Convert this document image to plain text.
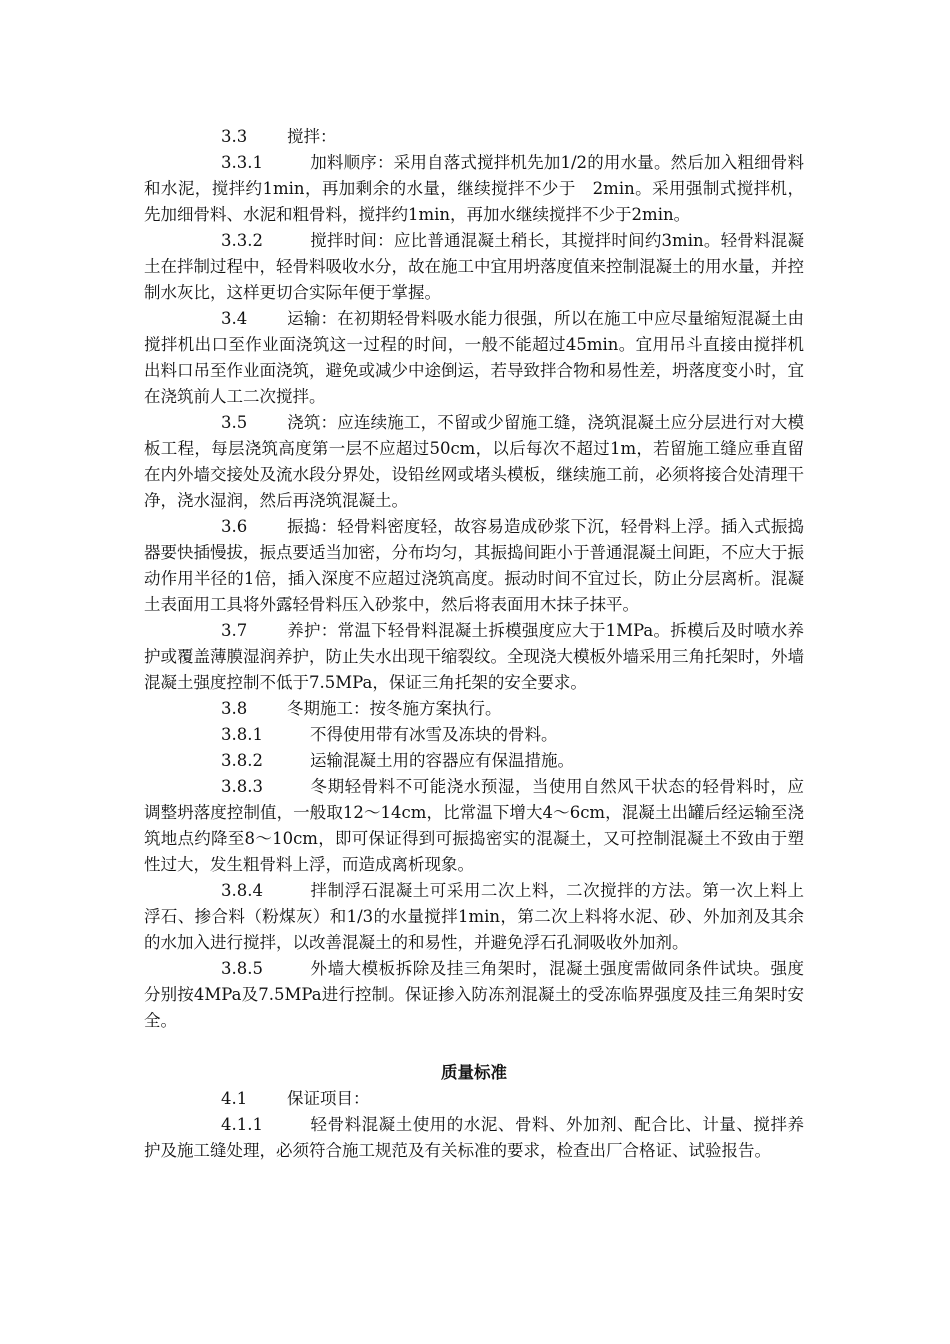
3.3 搅拌：

3.3.1	加料顺序：采用自落式搅拌机先加1/2的用水量。然后加入粗细骨料和水泥，搅拌约1min，再加剩余的水量，继续搅拌不少于　2min。采用强制式搅拌机，先加细骨料、水泥和粗骨料，搅拌约1min，再加水继续搅拌不少于2min。

3.3.2	搅拌时间：应比普通混凝土稍长，其搅拌时间约3min。轻骨料混凝土在拌制过程中，轻骨料吸收水分，故在施工中宜用坍落度值来控制混凝土的用水量，并控制水灰比，这样更切合实际年便于掌握。

3.4 运输：在初期轻骨料吸水能力很强，所以在施工中应尽量缩短混凝土由搅拌机出口至作业面浇筑这一过程的时间，一般不能超过45min。宜用吊斗直接由搅拌机出料口吊至作业面浇筑，避免或减少中途倒运，若导致拌合物和易性差，坍落度变小时，宜在浇筑前人工二次搅拌。

3.5 浇筑：应连续施工，不留或少留施工缝，浇筑混凝土应分层进行对大模板工程，每层浇筑高度第一层不应超过50cm，以后每次不超过1m，若留施工缝应垂直留在内外墙交接处及流水段分界处，设铅丝网或堵头模板，继续施工前，必须将接合处清理干净，浇水湿润，然后再浇筑混凝土。

3.6 振捣：轻骨料密度轻，故容易造成砂浆下沉，轻骨料上浮。插入式振捣器要快插慢拔，振点要适当加密，分布均匀，其振捣间距小于普通混凝土间距，不应大于振动作用半径的1倍，插入深度不应超过浇筑高度。振动时间不宜过长，防止分层离析。混凝土表面用工具将外露轻骨料压入砂浆中，然后将表面用木抹子抹平。

3.7 养护：常温下轻骨料混凝土拆模强度应大于1MPa。拆模后及时喷水养护或覆盖薄膜湿润养护，防止失水出现干缩裂纹。全现浇大模板外墙采用三角托架时，外墙混凝土强度控制不低于7.5MPa，保证三角托架的安全要求。

3.8 冬期施工：按冬施方案执行。

3.8.1	不得使用带有冰雪及冻块的骨料。

3.8.2	运输混凝土用的容器应有保温措施。

3.8.3	冬期轻骨料不可能浇水预湿，当使用自然风干状态的轻骨料时，应调整坍落度控制值，一般取12～14cm，比常温下增大4～6cm，混凝土出罐后经运输至浇筑地点约降至8～10cm，即可保证得到可振捣密实的混凝土，又可控制混凝土不致由于塑性过大，发生粗骨料上浮，而造成离析现象。

3.8.4	拌制浮石混凝土可采用二次上料，二次搅拌的方法。第一次上料上浮石、掺合料（粉煤灰）和1/3的水量搅拌1min，第二次上料将水泥、砂、外加剂及其余的水加入进行搅拌，以改善混凝土的和易性，并避免浮石孔洞吸收外加剂。

3.8.5	外墙大模板拆除及挂三角架时，混凝土强度需做同条件试块。强度分别按4MPa及7.5MPa进行控制。保证掺入防冻剂混凝土的受冻临界强度及挂三角架时安全。

质量标准

4.1 保证项目：

4.1.1	轻骨料混凝土使用的水泥、骨料、外加剂、配合比、计量、搅拌养护及施工缝处理，必须符合施工规范及有关标准的要求，检查出厂合格证、试验报告。
